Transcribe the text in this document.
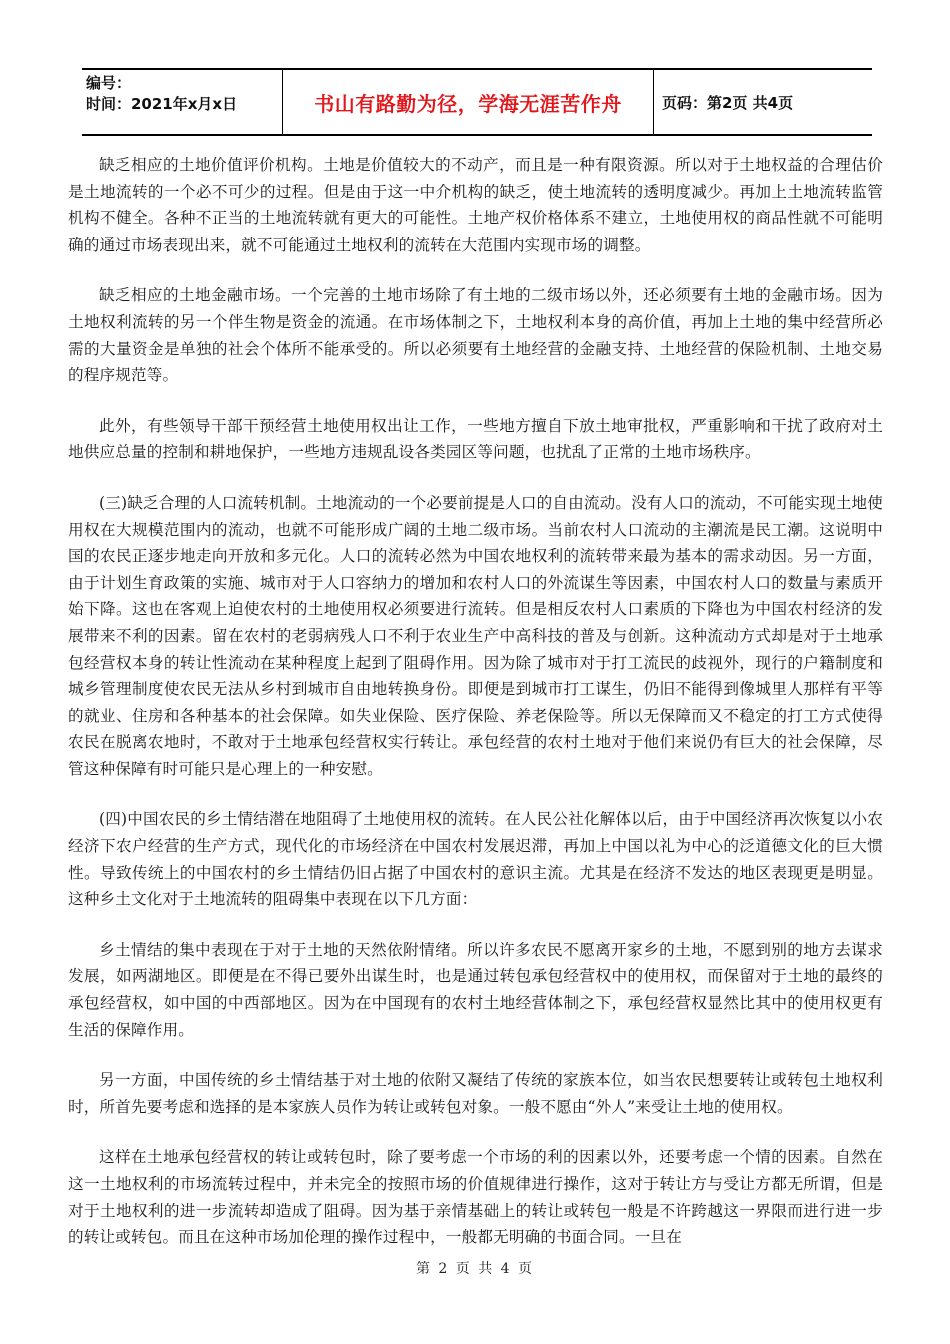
编号：
时间：2021年x月x日	书山有路勤为径，学海无涯苦作舟	页码：第2页 共4页

缺乏相应的土地价值评价机构。土地是价值较大的不动产，而且是一种有限资源。所以对于土地权益的合理估价是土地流转的一个必不可少的过程。但是由于这一中介机构的缺乏，使土地流转的透明度减少。再加上土地流转监管机构不健全。各种不正当的土地流转就有更大的可能性。土地产权价格体系不建立，土地使用权的商品性就不可能明确的通过市场表现出来，就不可能通过土地权利的流转在大范围内实现市场的调整。

缺乏相应的土地金融市场。一个完善的土地市场除了有土地的二级市场以外，还必须要有土地的金融市场。因为土地权利流转的另一个伴生物是资金的流通。在市场体制之下，土地权利本身的高价值，再加上土地的集中经营所必需的大量资金是单独的社会个体所不能承受的。所以必须要有土地经营的金融支持、土地经营的保险机制、土地交易的程序规范等。

此外，有些领导干部干预经营土地使用权出让工作，一些地方擅自下放土地审批权，严重影响和干扰了政府对土地供应总量的控制和耕地保护，一些地方违规乱设各类园区等问题，也扰乱了正常的土地市场秩序。

(三)缺乏合理的人口流转机制。土地流动的一个必要前提是人口的自由流动。没有人口的流动，不可能实现土地使用权在大规模范围内的流动，也就不可能形成广阔的土地二级市场。当前农村人口流动的主潮流是民工潮。这说明中国的农民正逐步地走向开放和多元化。人口的流转必然为中国农地权利的流转带来最为基本的需求动因。另一方面，由于计划生育政策的实施、城市对于人口容纳力的增加和农村人口的外流谋生等因素，中国农村人口的数量与素质开始下降。这也在客观上迫使农村的土地使用权必须要进行流转。但是相反农村人口素质的下降也为中国农村经济的发展带来不利的因素。留在农村的老弱病残人口不利于农业生产中高科技的普及与创新。这种流动方式却是对于土地承包经营权本身的转让性流动在某种程度上起到了阻碍作用。因为除了城市对于打工流民的歧视外，现行的户籍制度和城乡管理制度使农民无法从乡村到城市自由地转换身份。即便是到城市打工谋生，仍旧不能得到像城里人那样有平等的就业、住房和各种基本的社会保障。如失业保险、医疗保险、养老保险等。所以无保障而又不稳定的打工方式使得农民在脱离农地时，不敢对于土地承包经营权实行转让。承包经营的农村土地对于他们来说仍有巨大的社会保障，尽管这种保障有时可能只是心理上的一种安慰。

(四)中国农民的乡土情结潜在地阻碍了土地使用权的流转。在人民公社化解体以后，由于中国经济再次恢复以小农经济下农户经营的生产方式，现代化的市场经济在中国农村发展迟滞，再加上中国以礼为中心的泛道德文化的巨大惯性。导致传统上的中国农村的乡土情结仍旧占据了中国农村的意识主流。尤其是在经济不发达的地区表现更是明显。这种乡土文化对于土地流转的阻碍集中表现在以下几方面：

乡土情结的集中表现在于对于土地的天然依附情绪。所以许多农民不愿离开家乡的土地，不愿到别的地方去谋求发展，如两湖地区。即便是在不得已要外出谋生时，也是通过转包承包经营权中的使用权，而保留对于土地的最终的承包经营权，如中国的中西部地区。因为在中国现有的农村土地经营体制之下，承包经营权显然比其中的使用权更有生活的保障作用。

另一方面，中国传统的乡土情结基于对土地的依附又凝结了传统的家族本位，如当农民想要转让或转包土地权利时，所首先要考虑和选择的是本家族人员作为转让或转包对象。一般不愿由“外人”来受让土地的使用权。

这样在土地承包经营权的转让或转包时，除了要考虑一个市场的利的因素以外，还要考虑一个情的因素。自然在这一土地权利的市场流转过程中，并未完全的按照市场的价值规律进行操作，这对于转让方与受让方都无所谓，但是对于土地权利的进一步流转却造成了阻碍。因为基于亲情基础上的转让或转包一般是不许跨越这一界限而进行进一步的转让或转包。而且在这种市场加伦理的操作过程中，一般都无明确的书面合同。一旦在

第 2 页 共 4 页
